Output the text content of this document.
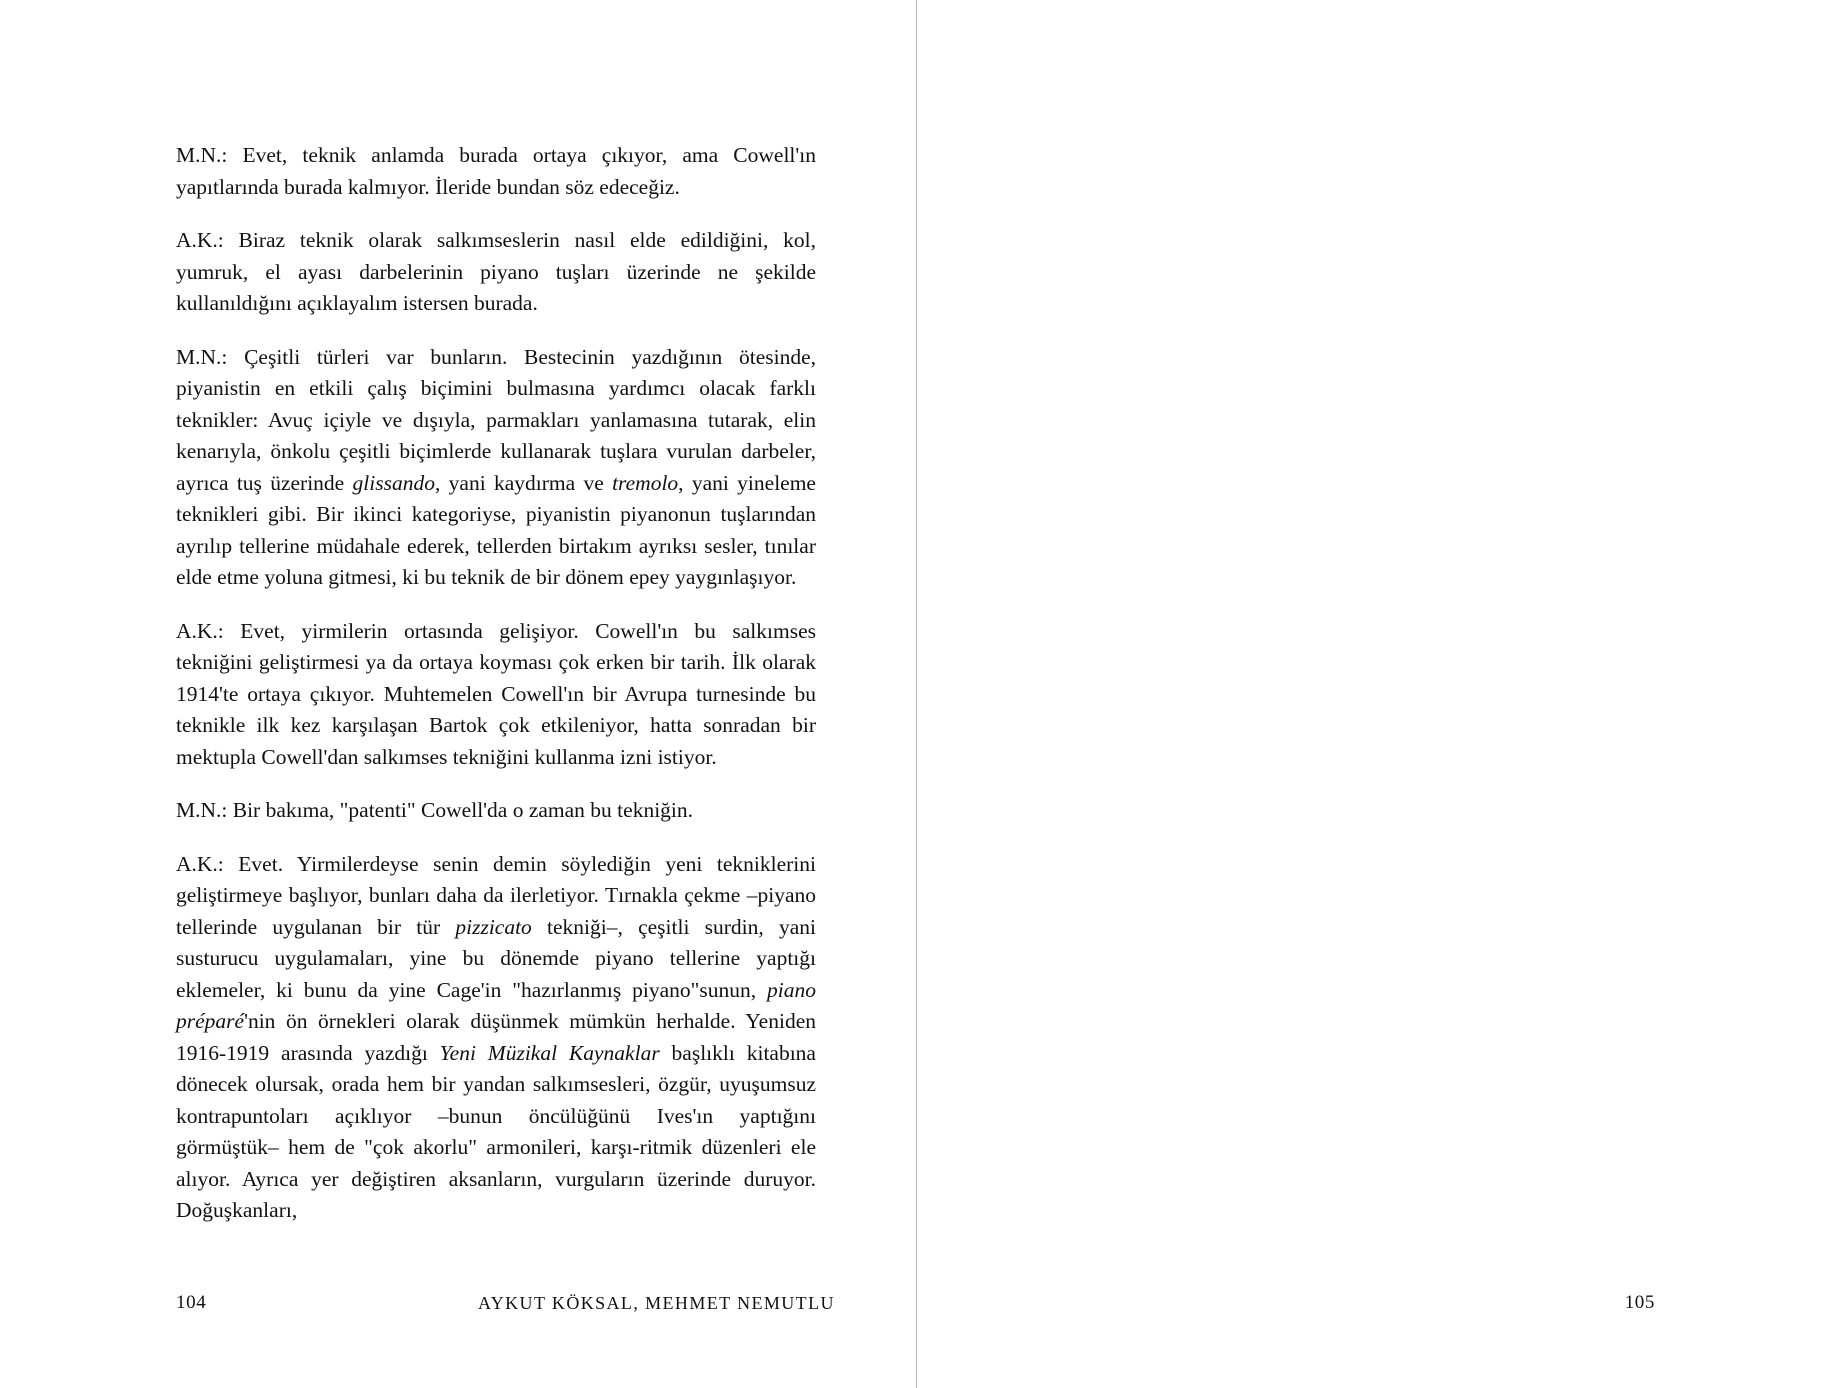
M.N.: Evet, teknik anlamda burada ortaya çıkıyor, ama Cowell'ın yapıtlarında burada kalmıyor. İleride bundan söz edeceğiz.

A.K.: Biraz teknik olarak salkımseslerin nasıl elde edildiğini, kol, yumruk, el ayası darbelerinin piyano tuşları üzerinde ne şekilde kullanıldığını açıklayalım istersen burada.

M.N.: Çeşitli türleri var bunların. Bestecinin yazdığının ötesinde, piyanistin en etkili çalış biçimini bulmasına yardımcı olacak farklı teknikler: Avuç içiyle ve dışıyla, parmakları yanlamasına tutarak, elin kenarıyla, önkolu çeşitli biçimlerde kullanarak tuşlara vurulan darbeler, ayrıca tuş üzerinde glissando, yani kaydırma ve tremolo, yani yineleme teknikleri gibi. Bir ikinci kategoriyse, piyanistin piyanonun tuşlarından ayrılıp tellerine müdahale ederek, tellerden birtakım ayrıksı sesler, tınılar elde etme yoluna gitmesi, ki bu teknik de bir dönem epey yaygınlaşıyor.

A.K.: Evet, yirmilerin ortasında gelişiyor. Cowell'ın bu salkımses tekniğini geliştirmesi ya da ortaya koyması çok erken bir tarih. İlk olarak 1914'te ortaya çıkıyor. Muhtemelen Cowell'ın bir Avrupa turnesinde bu teknikle ilk kez karşılaşan Bartok çok etkileniyor, hatta sonradan bir mektupla Cowell'dan salkımses tekniğini kullanma izni istiyor.

M.N.: Bir bakıma, "patenti" Cowell'da o zaman bu tekniğin.

A.K.: Evet. Yirmilerdeyse senin demin söylediğin yeni tekniklerini geliştirmeye başlıyor, bunları daha da ilerletiyor. Tırnakla çekme –piyano tellerinde uygulanan bir tür pizzicato tekniği–, çeşitli surdin, yani susturucu uygulamaları, yine bu dönemde piyano tellerine yaptığı eklemeler, ki bunu da yine Cage'in "hazırlanmış piyano"sunun, piano préparé'nin ön örnekleri olarak düşünmek mümkün herhalde. Yeniden 1916-1919 arasında yazdığı Yeni Müzikal Kaynaklar başlıklı kitabına dönecek olursak, orada hem bir yandan salkımsesleri, özgür, uyuşumsuz kontrapuntoları açıklıyor –bunun öncülüğünü Ives'ın yaptığını görmüştük– hem de "çok akorlu" armonileri, karşı-ritmik düzenleri ele alıyor. Ayrıca yer değiştiren aksanların, vurguların üzerinde duruyor. Doğuşkanları,

104	AYKUT KÖKSAL, MEHMET NEMUTLU	105
